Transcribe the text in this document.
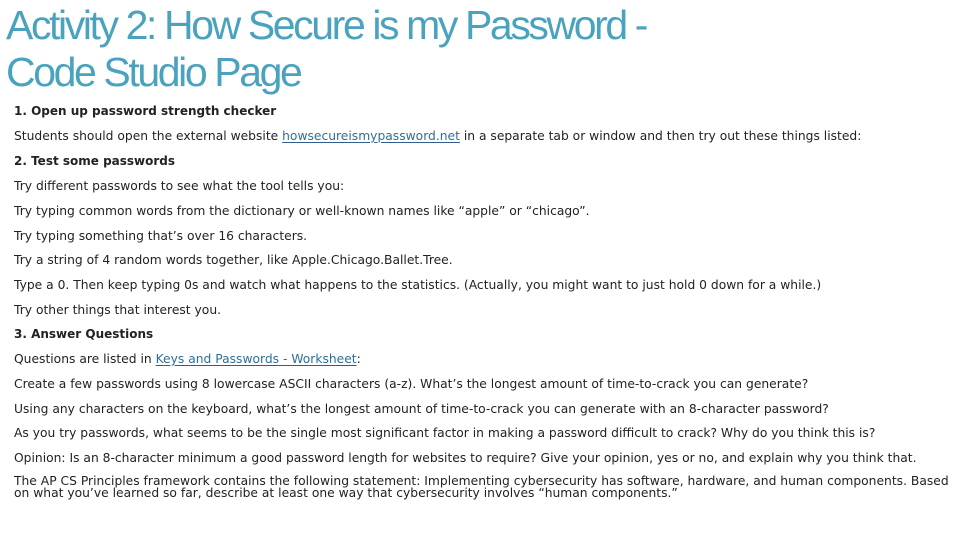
Activity 2: How Secure is my Password -
Code Studio Page

1. Open up password strength checker

Students should open the external website howsecureismypassword.net in a separate tab or window and then try out these things listed:

2. Test some passwords

Try different passwords to see what the tool tells you:

Try typing common words from the dictionary or well-known names like “apple” or “chicago”.

Try typing something that’s over 16 characters.

Try a string of 4 random words together, like Apple.Chicago.Ballet.Tree.

Type a 0. Then keep typing 0s and watch what happens to the statistics. (Actually, you might want to just hold 0 down for a while.)

Try other things that interest you.

3. Answer Questions

Questions are listed in Keys and Passwords - Worksheet:

Create a few passwords using 8 lowercase ASCII characters (a-z). What’s the longest amount of time-to-crack you can generate?

Using any characters on the keyboard, what’s the longest amount of time-to-crack you can generate with an 8-character password?

As you try passwords, what seems to be the single most significant factor in making a password difficult to crack? Why do you think this is?

Opinion: Is an 8-character minimum a good password length for websites to require? Give your opinion, yes or no, and explain why you think that.

The AP CS Principles framework contains the following statement: Implementing cybersecurity has software, hardware, and human components. Based on what you’ve learned so far, describe at least one way that cybersecurity involves “human components.”
